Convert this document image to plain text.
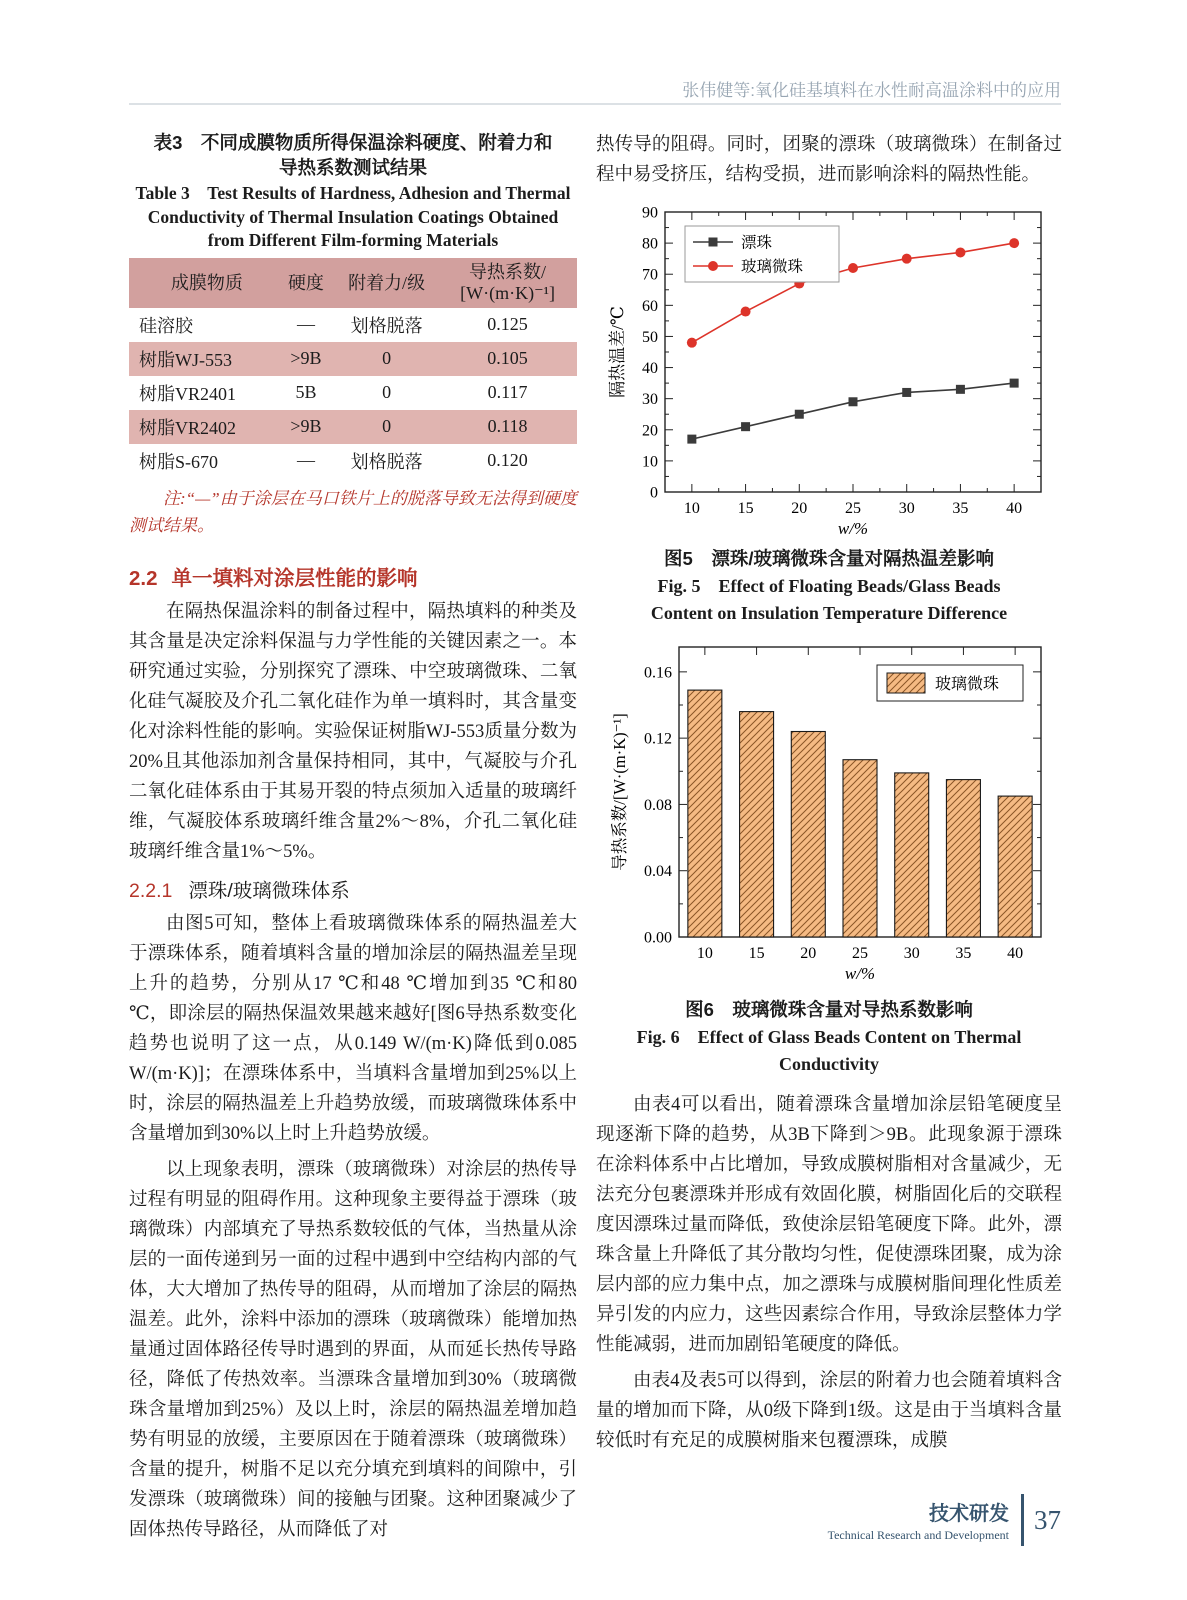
张伟健等:氧化硅基填料在水性耐高温涂料中的应用
表3　不同成膜物质所得保温涂料硬度、附着力和
导热系数测试结果
Table 3　Test Results of Hardness, Adhesion and Thermal Conductivity of Thermal Insulation Coatings Obtained from Different Film-forming Materials
成膜物质	硬度	附着力/级	导热系数/
[W·(m·K)⁻¹]

硅溶胶	—	划格脱落	0.125
树脂WJ-553	>9B	0	0.105
树脂VR2401	5B	0	0.117
树脂VR2402	>9B	0	0.118
树脂S-670	—	划格脱落	0.120
注:“—”由于涂层在马口铁片上的脱落导致无法得到硬度测试结果。
2.2 单一填料对涂层性能的影响
在隔热保温涂料的制备过程中，隔热填料的种类及其含量是决定涂料保温与力学性能的关键因素之一。本研究通过实验，分别探究了漂珠、中空玻璃微珠、二氧化硅气凝胶及介孔二氧化硅作为单一填料时，其含量变化对涂料性能的影响。实验保证树脂WJ-553质量分数为20%且其他添加剂含量保持相同，其中，气凝胶与介孔二氧化硅体系由于其易开裂的特点须加入适量的玻璃纤维，气凝胶体系玻璃纤维含量2%～8%，介孔二氧化硅玻璃纤维含量1%～5%。
2.2.1 漂珠/玻璃微珠体系
由图5可知，整体上看玻璃微珠体系的隔热温差大于漂珠体系，随着填料含量的增加涂层的隔热温差呈现上升的趋势，分别从17 ℃和48 ℃增加到35 ℃和80 ℃，即涂层的隔热保温效果越来越好[图6导热系数变化趋势也说明了这一点，从0.149 W/(m·K)降低到0.085 W/(m·K)]；在漂珠体系中，当填料含量增加到25%以上时，涂层的隔热温差上升趋势放缓，而玻璃微珠体系中含量增加到30%以上时上升趋势放缓。
以上现象表明，漂珠（玻璃微珠）对涂层的热传导过程有明显的阻碍作用。这种现象主要得益于漂珠（玻璃微珠）内部填充了导热系数较低的气体，当热量从涂层的一面传递到另一面的过程中遇到中空结构内部的气体，大大增加了热传导的阻碍，从而增加了涂层的隔热温差。此外，涂料中添加的漂珠（玻璃微珠）能增加热量通过固体路径传导时遇到的界面，从而延长热传导路径，降低了传热效率。当漂珠含量增加到30%（玻璃微珠含量增加到25%）及以上时，涂层的隔热温差增加趋势有明显的放缓，主要原因在于随着漂珠（玻璃微珠）含量的提升，树脂不足以充分填充到填料的间隙中，引发漂珠（玻璃微珠）间的接触与团聚。这种团聚减少了固体热传导路径，从而降低了对
热传导的阻碍。同时，团聚的漂珠（玻璃微珠）在制备过程中易受挤压，结构受损，进而影响涂料的隔热性能。
0
10
20
30
40
50
60
70
80
90
10 15 20 25 30 35 40
漂珠
玻璃微珠
w/%
隔热温差/℃
图5　漂珠/玻璃微珠含量对隔热温差影响
Fig. 5　Effect of Floating Beads/Glass Beads Content on Insulation Temperature Difference
0.00
0.04
0.08
0.12
0.16
10 15 20 25 30 35 40
玻璃微珠
w/%
导热系数/[W·(m·K)⁻¹]
图6　玻璃微珠含量对导热系数影响
Fig. 6　Effect of Glass Beads Content on Thermal Conductivity
由表4可以看出，随着漂珠含量增加涂层铅笔硬度呈现逐渐下降的趋势，从3B下降到＞9B。此现象源于漂珠在涂料体系中占比增加，导致成膜树脂相对含量减少，无法充分包裹漂珠并形成有效固化膜，树脂固化后的交联程度因漂珠过量而降低，致使涂层铅笔硬度下降。此外，漂珠含量上升降低了其分散均匀性，促使漂珠团聚，成为涂层内部的应力集中点，加之漂珠与成膜树脂间理化性质差异引发的内应力，这些因素综合作用，导致涂层整体力学性能减弱，进而加剧铅笔硬度的降低。
由表4及表5可以得到，涂层的附着力也会随着填料含量的增加而下降，从0级下降到1级。这是由于当填料含量较低时有充足的成膜树脂来包覆漂珠，成膜
技术研发
Technical Research and Development
37
